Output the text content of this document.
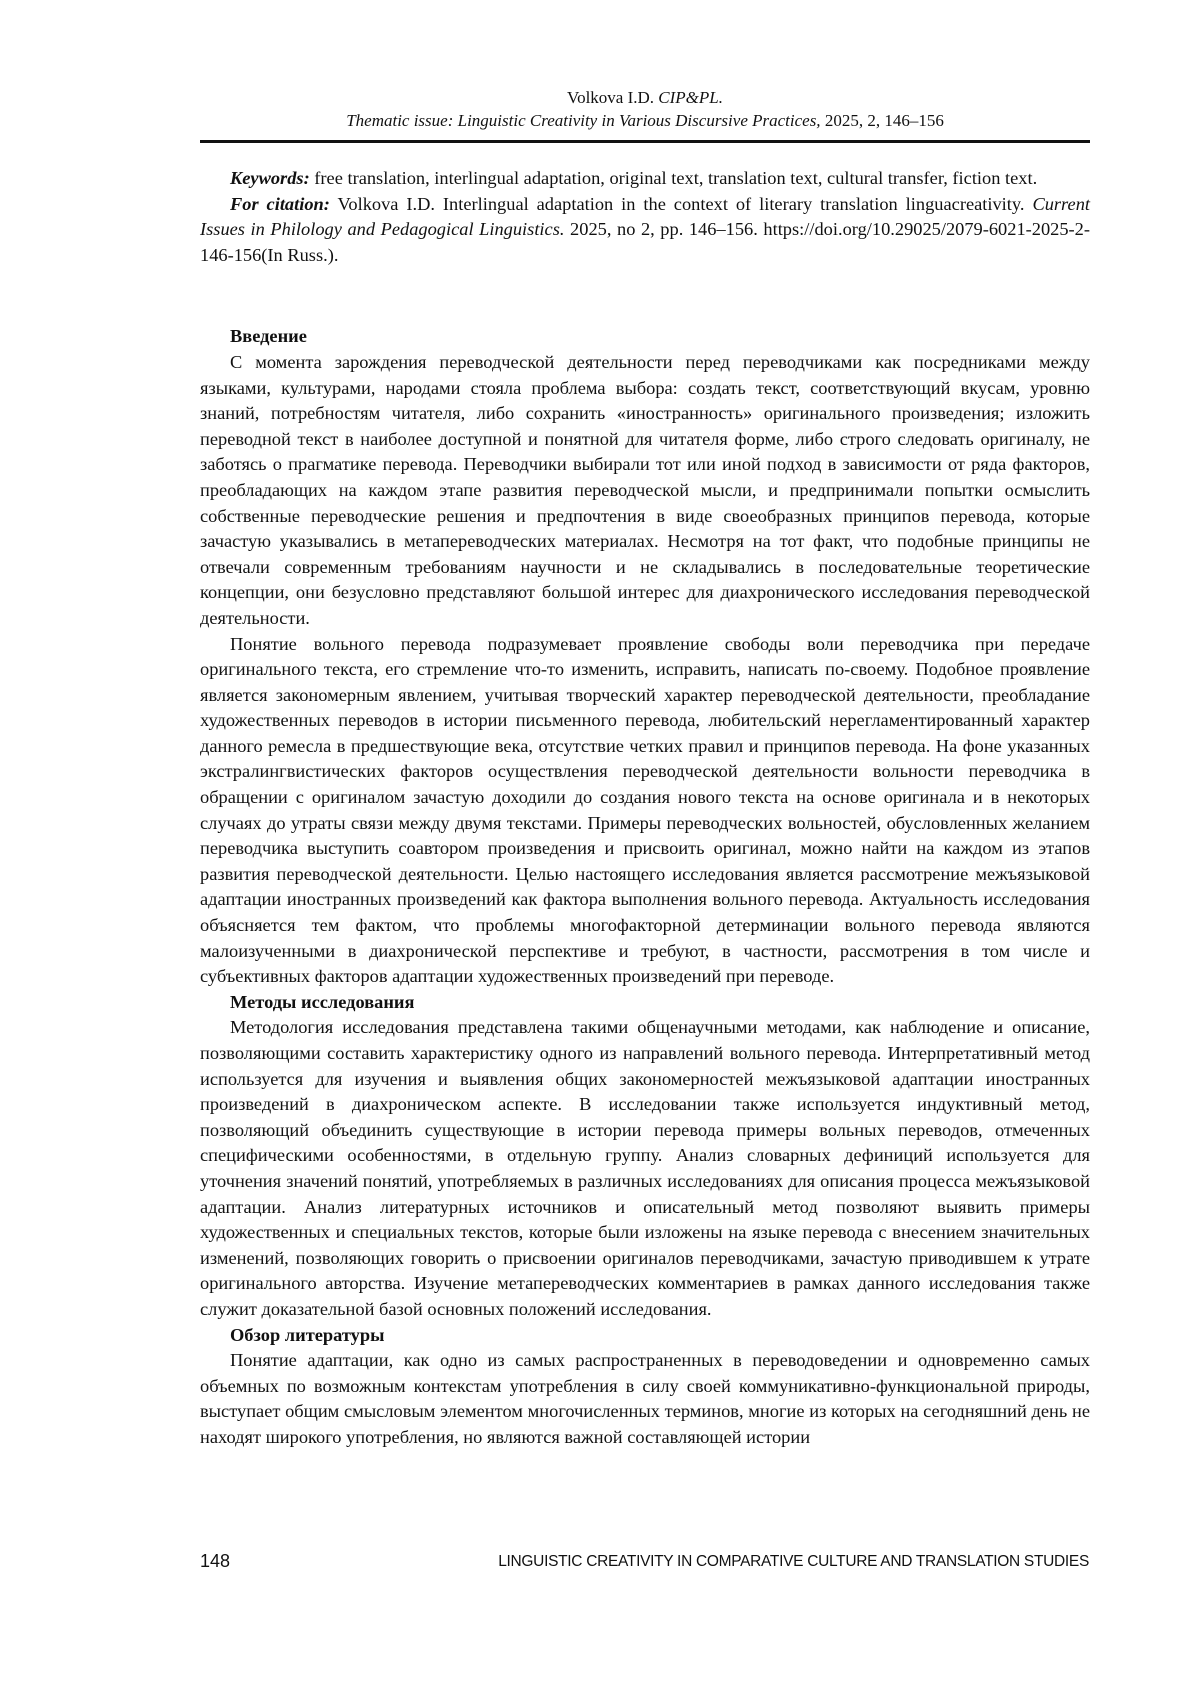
Volkova I.D. CIP&PL.
Thematic issue: Linguistic Creativity in Various Discursive Practices, 2025, 2, 146–156

Keywords: free translation, interlingual adaptation, original text, translation text, cultural transfer, fiction text.

For citation: Volkova I.D. Interlingual adaptation in the context of literary translation linguacreativity. Current Issues in Philology and Pedagogical Linguistics. 2025, no 2, pp. 146–156. https://doi.org/10.29025/2079-6021-2025-2-146-156(In Russ.).

Введение

С момента зарождения переводческой деятельности перед переводчиками как посредниками между языками, культурами, народами стояла проблема выбора: создать текст, соответствующий вкусам, уровню знаний, потребностям читателя, либо сохранить «иностранность» оригинального произведения; изложить переводной текст в наиболее доступной и понятной для читателя форме, либо строго следовать оригиналу, не заботясь о прагматике перевода. Переводчики выбирали тот или иной подход в зависимости от ряда факторов, преобладающих на каждом этапе развития переводческой мысли, и предпринимали попытки осмыслить собственные переводческие решения и предпочтения в виде своеобразных принципов перевода, которые зачастую указывались в метапереводческих материалах. Несмотря на тот факт, что подобные принципы не отвечали современным требованиям научности и не складывались в последовательные теоретические концепции, они безусловно представляют большой интерес для диахронического исследования переводческой деятельности.

Понятие вольного перевода подразумевает проявление свободы воли переводчика при передаче оригинального текста, его стремление что-то изменить, исправить, написать по-своему. Подобное проявление является закономерным явлением, учитывая творческий характер переводческой деятельности, преобладание художественных переводов в истории письменного перевода, любительский нерегламентированный характер данного ремесла в предшествующие века, отсутствие четких правил и принципов перевода. На фоне указанных экстралингвистических факторов осуществления переводческой деятельности вольности переводчика в обращении с оригиналом зачастую доходили до создания нового текста на основе оригинала и в некоторых случаях до утраты связи между двумя текстами. Примеры переводческих вольностей, обусловленных желанием переводчика выступить соавтором произведения и присвоить оригинал, можно найти на каждом из этапов развития переводческой деятельности. Целью настоящего исследования является рассмотрение межъязыковой адаптации иностранных произведений как фактора выполнения вольного перевода. Актуальность исследования объясняется тем фактом, что проблемы многофакторной детерминации вольного перевода являются малоизученными в диахронической перспективе и требуют, в частности, рассмотрения в том числе и субъективных факторов адаптации художественных произведений при переводе.

Методы исследования

Методология исследования представлена такими общенаучными методами, как наблюдение и описание, позволяющими составить характеристику одного из направлений вольного перевода. Интерпретативный метод используется для изучения и выявления общих закономерностей межъязыковой адаптации иностранных произведений в диахроническом аспекте. В исследовании также используется индуктивный метод, позволяющий объединить существующие в истории перевода примеры вольных переводов, отмеченных специфическими особенностями, в отдельную группу. Анализ словарных дефиниций используется для уточнения значений понятий, употребляемых в различных исследованиях для описания процесса межъязыковой адаптации. Анализ литературных источников и описательный метод позволяют выявить примеры художественных и специальных текстов, которые были изложены на языке перевода с внесением значительных изменений, позволяющих говорить о присвоении оригиналов переводчиками, зачастую приводившем к утрате оригинального авторства. Изучение метапереводческих комментариев в рамках данного исследования также служит доказательной базой основных положений исследования.

Обзор литературы

Понятие адаптации, как одно из самых распространенных в переводоведении и одновременно самых объемных по возможным контекстам употребления в силу своей коммуникативно-функциональной природы, выступает общим смысловым элементом многочисленных терминов, многие из которых на сегодняшний день не находят широкого употребления, но являются важной составляющей истории

148	LINGUISTIC CREATIVITY IN COMPARATIVE CULTURE AND TRANSLATION STUDIES
